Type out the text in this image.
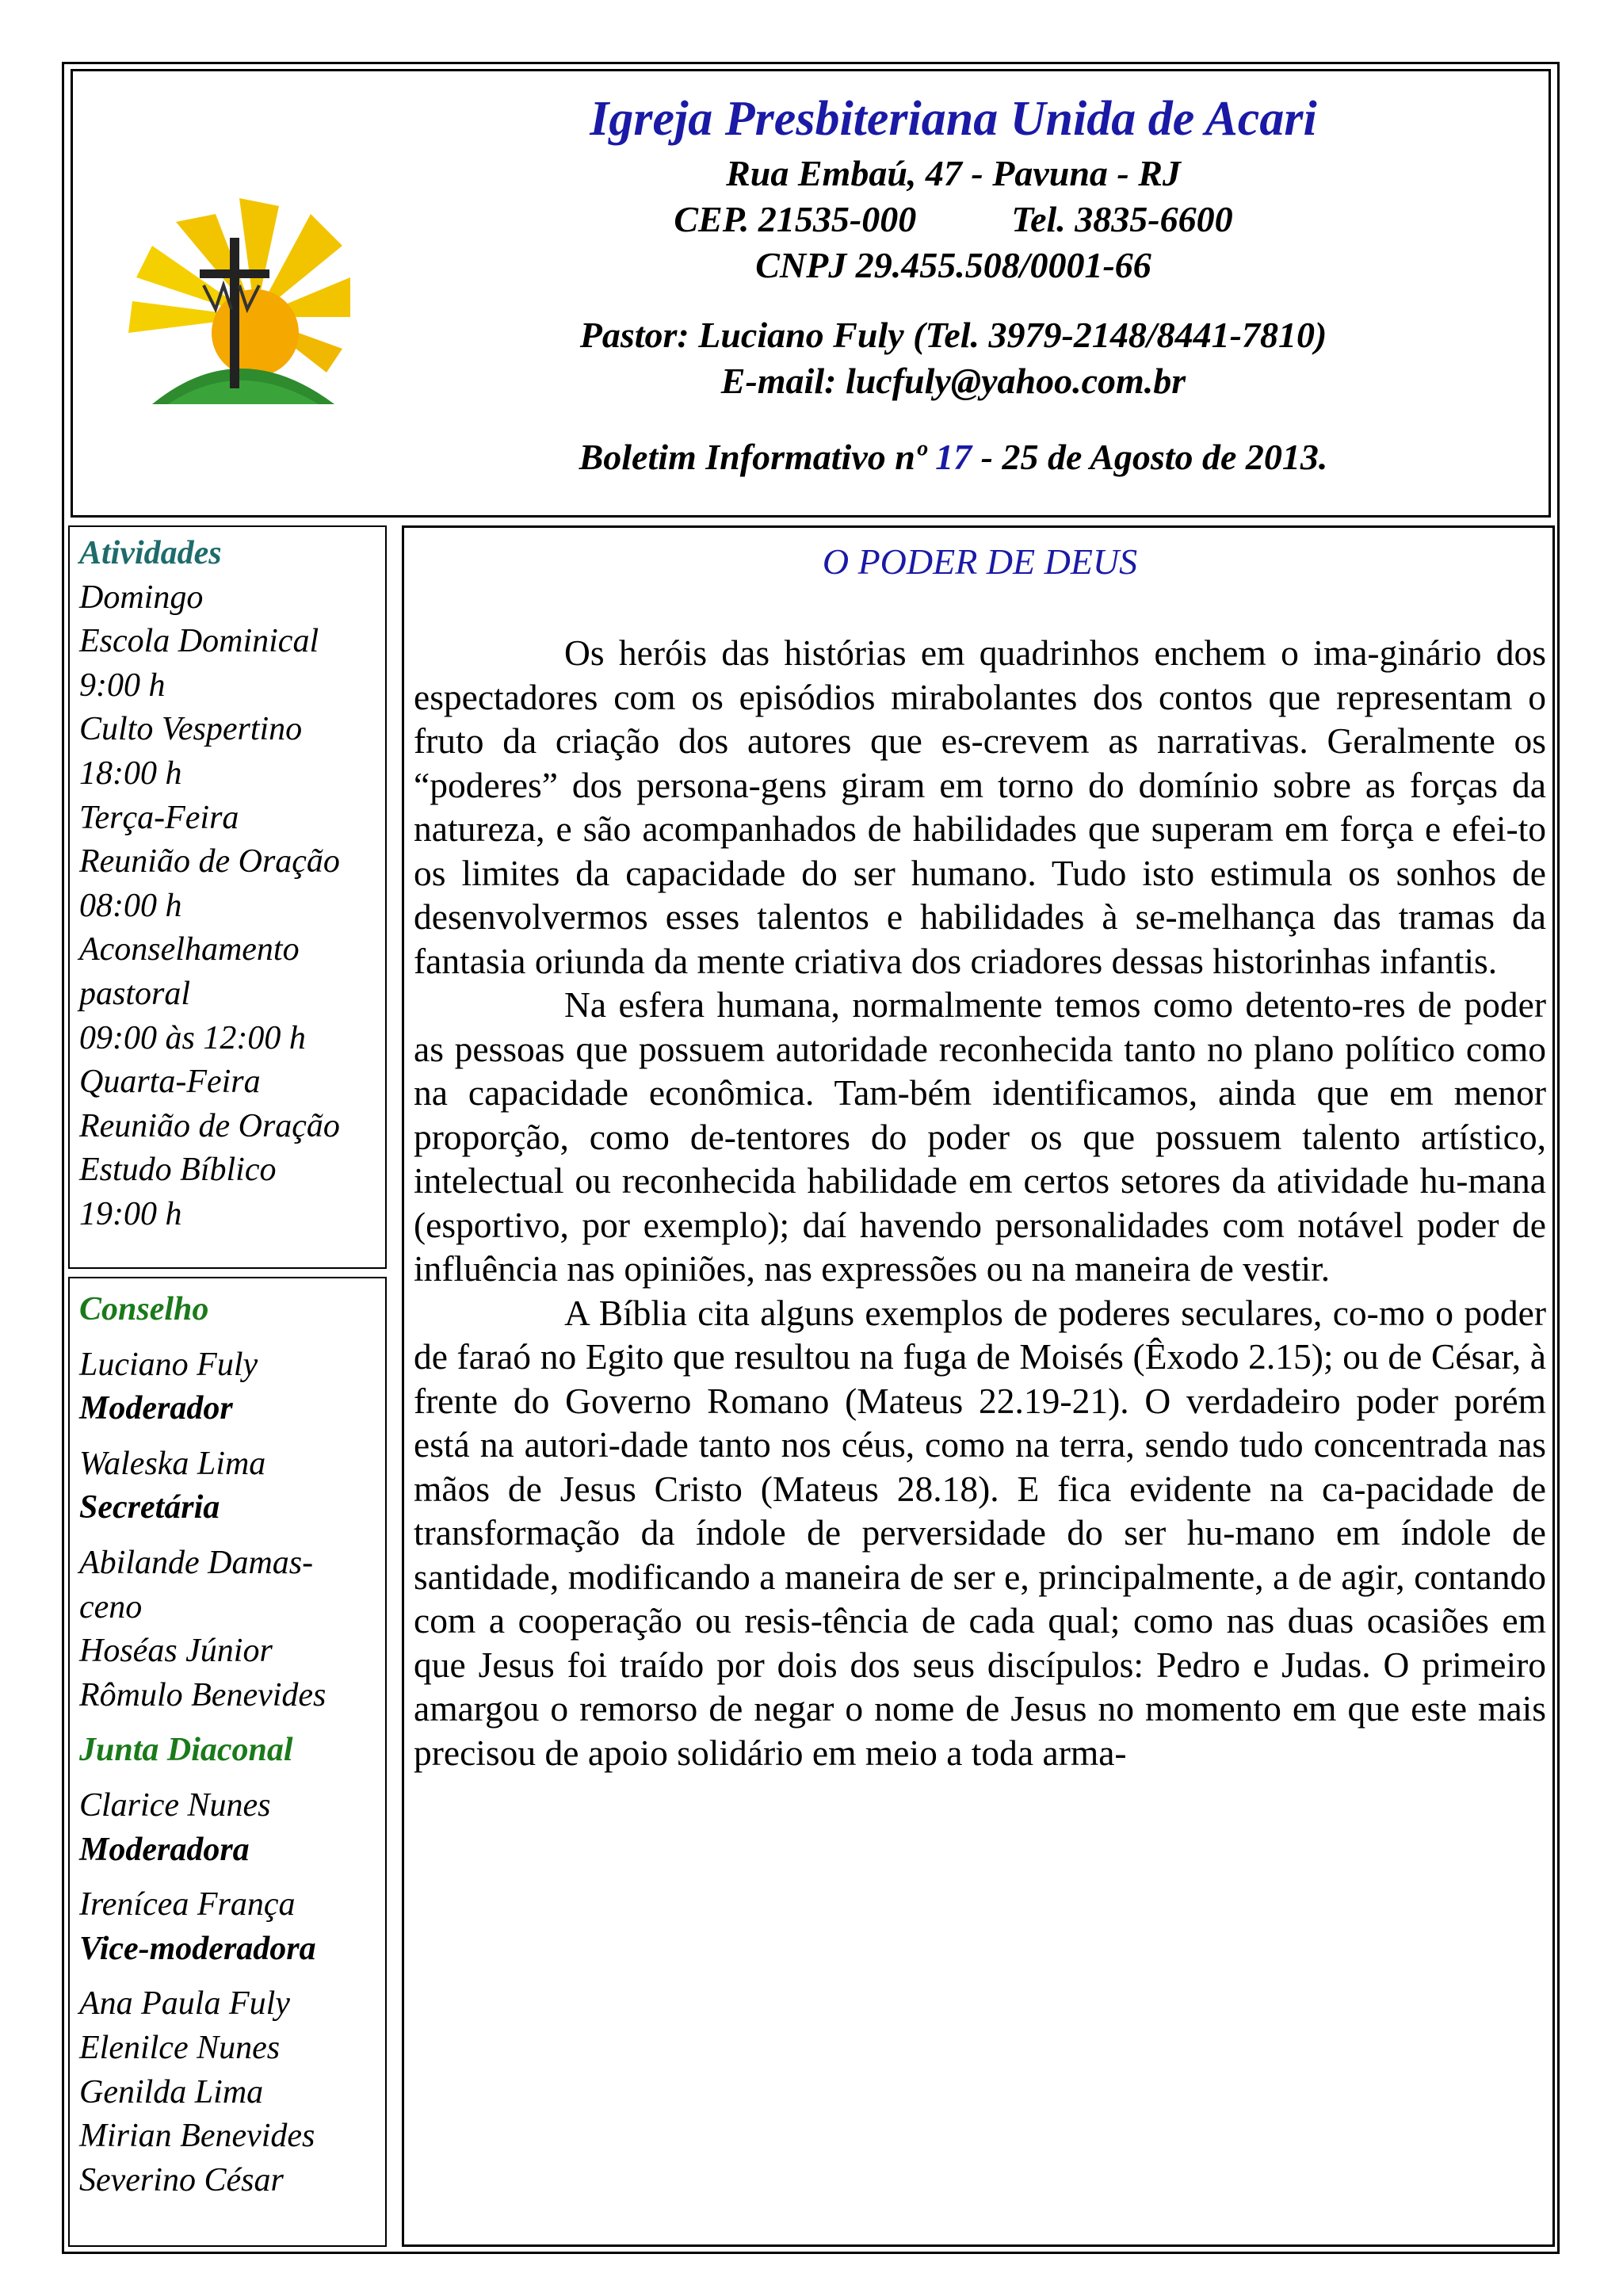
Igreja Presbiteriana Unida de Acari
Rua Embaú, 47 - Pavuna - RJ
CEP. 21535-000	Tel. 3835-6600
CNPJ 29.455.508/0001-66
Pastor: Luciano Fuly (Tel. 3979-2148/8441-7810)
E-mail: lucfuly@yahoo.com.br
Boletim Informativo nº 17 - 25 de Agosto de 2013.
Atividades
Domingo
Escola Dominical
9:00 h
Culto Vespertino
18:00 h
Terça-Feira
Reunião de Oração
08:00 h
Aconselhamento
pastoral
09:00 às 12:00 h
Quarta-Feira
Reunião de Oração
Estudo Bíblico
19:00 h
Conselho
Luciano Fuly
Moderador
Waleska Lima
Secretária
Abilande Damas-
ceno
Hoséas Júnior
Rômulo Benevides
Junta Diaconal
Clarice Nunes
Moderadora
Irenícea França
Vice-moderadora
Ana Paula Fuly
Elenilce Nunes
Genilda Lima
Mirian Benevides
Severino César
O PODER DE DEUS

Os heróis das histórias em quadrinhos enchem o ima-ginário dos espectadores com os episódios mirabolantes dos contos que representam o fruto da criação dos autores que es-crevem as narrativas. Geralmente os “poderes” dos persona-gens giram em torno do domínio sobre as forças da natureza, e são acompanhados de habilidades que superam em força e efei-to os limites da capacidade do ser humano. Tudo isto estimula os sonhos de desenvolvermos esses talentos e habilidades à se-melhança das tramas da fantasia oriunda da mente criativa dos criadores dessas historinhas infantis.

Na esfera humana, normalmente temos como detento-res de poder as pessoas que possuem autoridade reconhecida tanto no plano político como na capacidade econômica. Tam-bém identificamos, ainda que em menor proporção, como de-tentores do poder os que possuem talento artístico, intelectual ou reconhecida habilidade em certos setores da atividade hu-mana (esportivo, por exemplo); daí havendo personalidades com notável poder de influência nas opiniões, nas expressões ou na maneira de vestir.

A Bíblia cita alguns exemplos de poderes seculares, co-mo o poder de faraó no Egito que resultou na fuga de Moisés (Êxodo 2.15); ou de César, à frente do Governo Romano (Mateus 22.19-21). O verdadeiro poder porém está na autori-dade tanto nos céus, como na terra, sendo tudo concentrada nas mãos de Jesus Cristo (Mateus 28.18). E fica evidente na ca-pacidade de transformação da índole de perversidade do ser hu-mano em índole de santidade, modificando a maneira de ser e, principalmente, a de agir, contando com a cooperação ou resis-tência de cada qual; como nas duas ocasiões em que Jesus foi traído por dois dos seus discípulos: Pedro e Judas. O primeiro amargou o remorso de negar o nome de Jesus no momento em que este mais precisou de apoio solidário em meio a toda arma-
